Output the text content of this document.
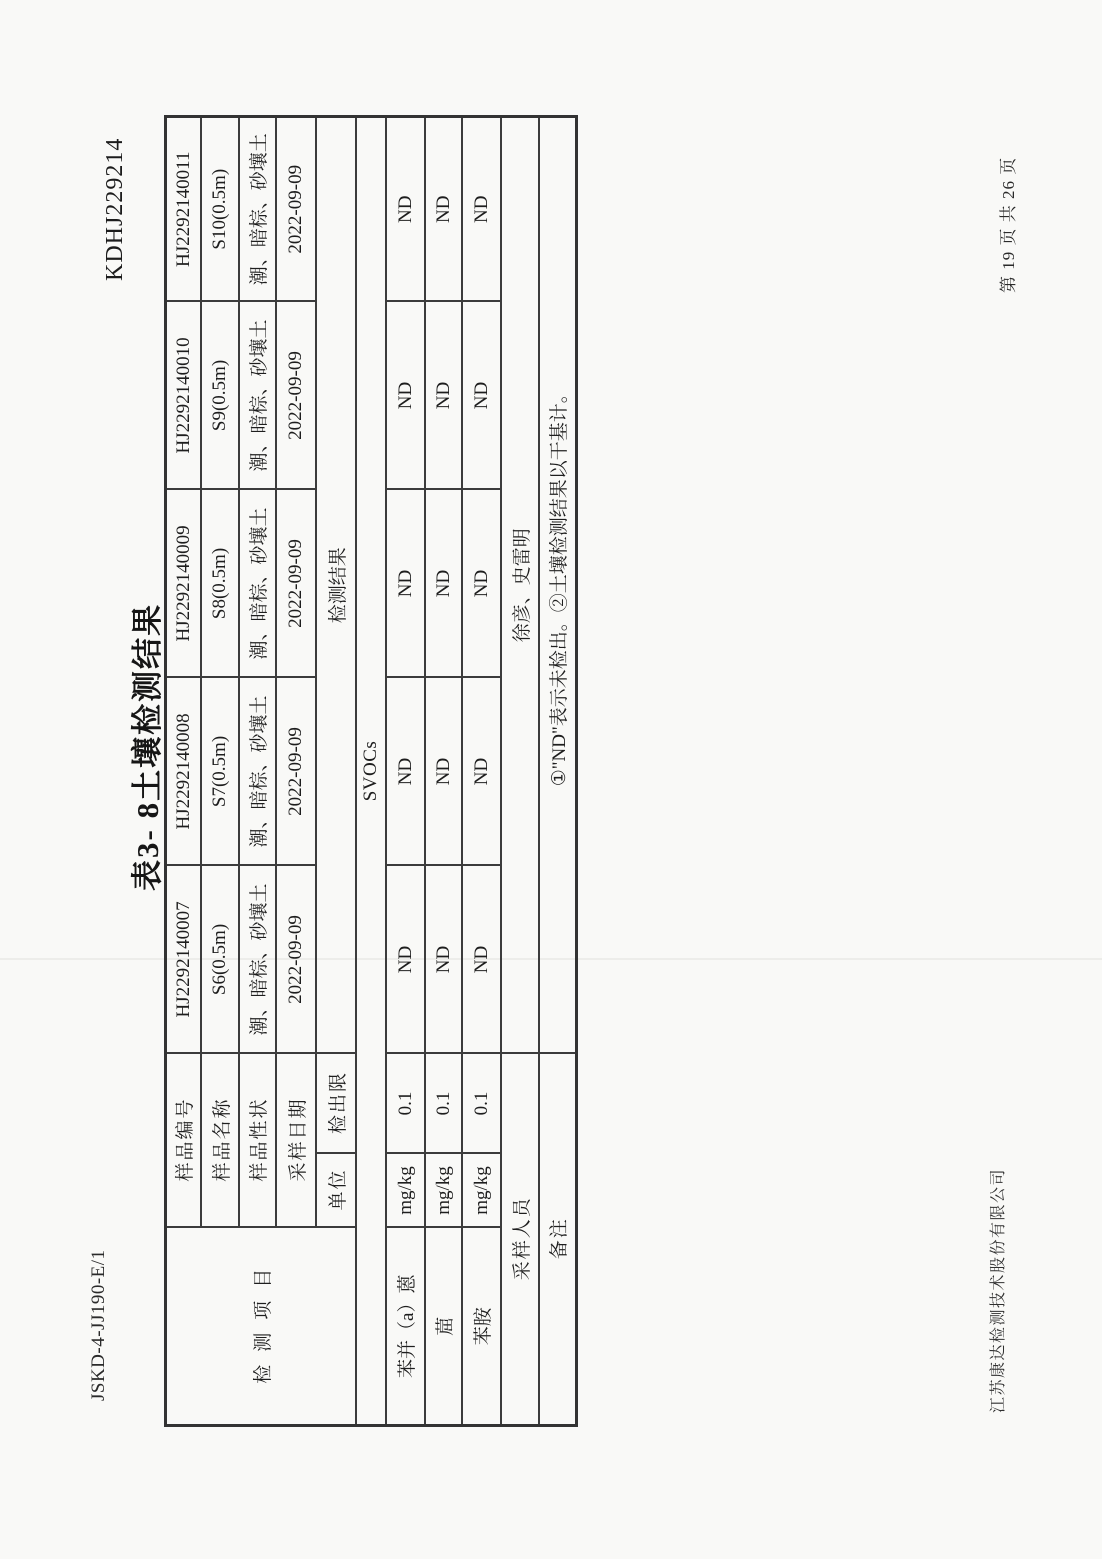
JSKD-4-JJ190-E/1
KDHJ229214
表3- 8土壤检测结果
检测项目	样品编号		HJ2292140007	HJ2292140008	HJ2292140009	HJ2292140010	HJ2292140011
	样品名称		S6(0.5m)	S7(0.5m)	S8(0.5m)	S9(0.5m)	S10(0.5m)
	样品性状		潮、暗棕、砂壤土	潮、暗棕、砂壤土	潮、暗棕、砂壤土	潮、暗棕、砂壤土	潮、暗棕、砂壤土
	采样日期		2022-09-09	2022-09-09	2022-09-09	2022-09-09	2022-09-09
	单位	检出限	检测结果				
SVOCs							
苯并（a）蒽	mg/kg	0.1	ND	ND	ND	ND	ND
䓛	mg/kg	0.1	ND	ND	ND	ND	ND
苯胺	mg/kg	0.1	ND	ND	ND	ND	ND
采样人员			徐彦、史雷明				
备注			①"ND"表示未检出。②土壤检测结果以干基计。				
江苏康达检测技术股份有限公司
第 19 页 共 26 页
